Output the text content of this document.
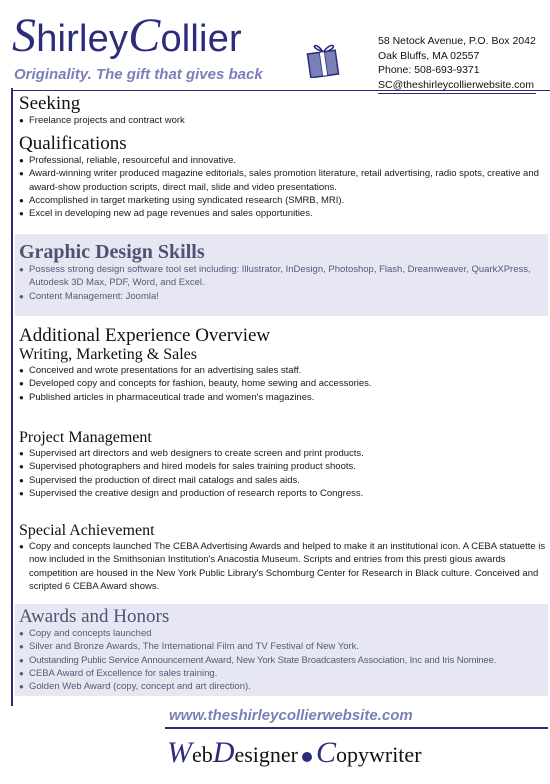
ShirleyCollier
Originality. The gift that gives back
58 Netock Avenue, P.O. Box 2042
Oak Bluffs, MA 02557
Phone: 508-693-9371
SC@theshirleycollierwebsite.com
Seeking
● Freelance projects and contract work
Qualifications
● Professional, reliable, resourceful and innovative.
● Award-winning writer produced magazine editorials, sales promotion literature, retail advertising, radio spots, creative and award-show production scripts, direct mail, slide and video presentations.
● Accomplished in target marketing using syndicated research (SMRB, MRI).
● Excel in developing new ad page revenues and sales opportunities.
Graphic Design Skills
● Possess strong design software tool set including: Illustrator, InDesign, Photoshop, Flash, Dreamweaver, QuarkXPress, Autodesk 3D Max, PDF, Word, and Excel.
● Content Management: Joomla!
Additional Experience Overview
Writing, Marketing & Sales
● Conceived and wrote presentations for an advertising sales staff.
● Developed copy and concepts for fashion, beauty, home sewing and accessories.
● Published articles in pharmaceutical trade and women's magazines.
Project Management
● Supervised art directors and web designers to create screen and print products.
● Supervised photographers and hired models for sales training product shoots.
● Supervised the production of direct mail catalogs and sales aids.
● Supervised the creative design and production of research reports to Congress.
Special Achievement
● Copy and concepts launched The CEBA Advertising Awards and helped to make it an institutional icon. A CEBA statuette is now included in the Smithsonian Institution's Anacostia Museum. Scripts and entries from this presti gious awards competition are housed in the New York Public Library's Schomburg Center for Research in Black culture. Conceived and scripted 6 CEBA Award shows.
Awards and Honors
● Copy and concepts launched
● Silver and Bronze Awards, The International Film and TV Festival of New York.
● Outstanding Public Service Announcement Award, New York State Broadcasters Association, Inc and Iris Nominee.
● CEBA Award of Excellence for sales training.
● Golden Web Award (copy, concept and art direction).
www.theshirleycollierwebsite.com
WebDesigner Copywriter
